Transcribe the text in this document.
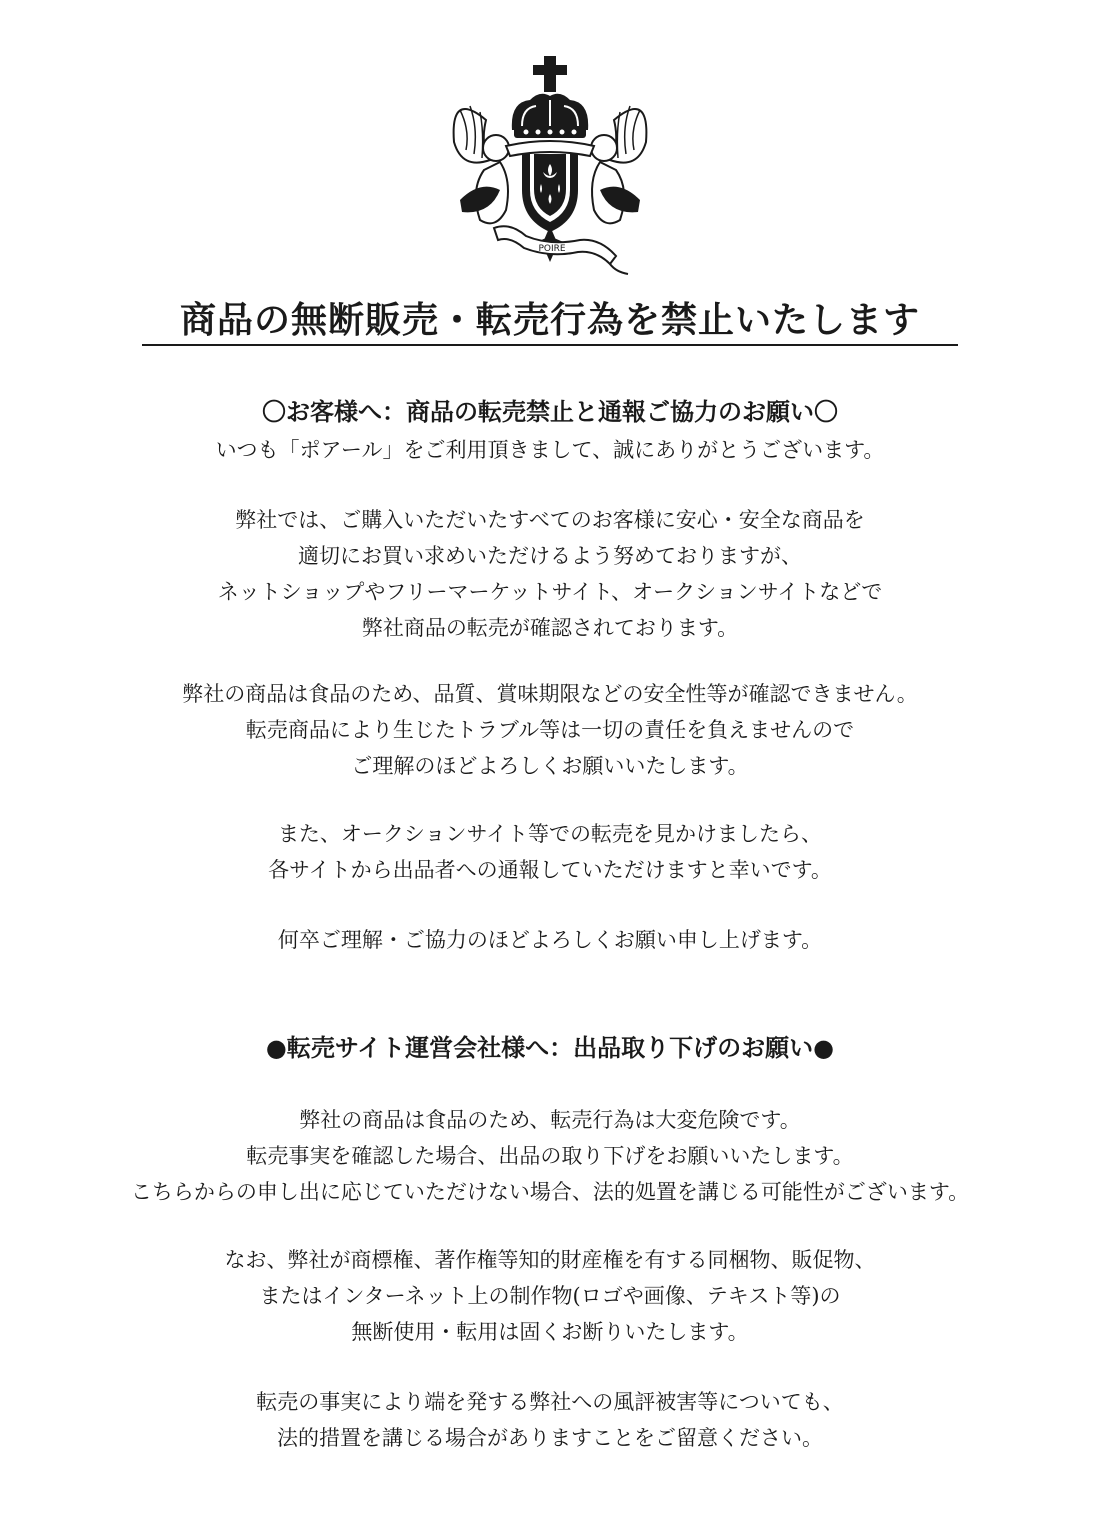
POIRE
商品の無断販売・転売行為を禁止いたします
〇お客様へ：商品の転売禁止と通報ご協力のお願い〇

いつも「ポアール」をご利用頂きまして、誠にありがとうございます。

弊社では、ご購入いただいたすべてのお客様に安心・安全な商品を
適切にお買い求めいただけるよう努めておりますが、
ネットショップやフリーマーケットサイト、オークションサイトなどで
弊社商品の転売が確認されております。

弊社の商品は食品のため、品質、賞味期限などの安全性等が確認できません。
転売商品により生じたトラブル等は一切の責任を負えませんので
ご理解のほどよろしくお願いいたします。

また、オークションサイト等での転売を見かけましたら、
各サイトから出品者への通報していただけますと幸いです。

何卒ご理解・ご協力のほどよろしくお願い申し上げます。

●転売サイト運営会社様へ：出品取り下げのお願い●

弊社の商品は食品のため、転売行為は大変危険です。
転売事実を確認した場合、出品の取り下げをお願いいたします。
こちらからの申し出に応じていただけない場合、法的処置を講じる可能性がございます。

なお、弊社が商標権、著作権等知的財産権を有する同梱物、販促物、
またはインターネット上の制作物(ロゴや画像、テキスト等)の
無断使用・転用は固くお断りいたします。

転売の事実により端を発する弊社への風評被害等についても、
法的措置を講じる場合がありますことをご留意ください。
